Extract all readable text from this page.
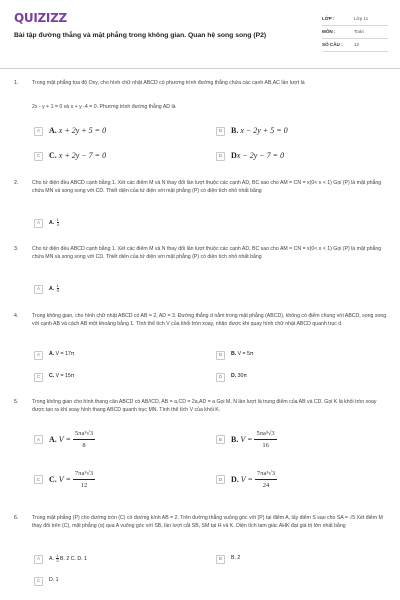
QUIZIZZ
Bài tập đường thẳng và mặt phẳng trong không gian. Quan hệ song song (P2)
LỚP :	Lớp 11
MÔN :	Toán
SỐ CÂU :	12
1.	Trong mặt phẳng tọa độ Oxy, cho hình chữ nhật ABCD có phương trình đường thẳng chứa các cạnh AB,AC lần lượt là
2x - y + 1 = 0 và x + y -4 = 0. Phương trình đường thẳng AD là
A	A. x + 2y + 5 = 0	B	B. x − 2y + 5 = 0
C	C. x + 2y − 7 = 0	D	Dx − 2y − 7 = 0
2.	Cho tứ diện đều ABCD cạnh bằng 1. Xét các điểm M và N thay đổi lần lượt thuộc các cạnh AD, BC sao cho AM = CN = x(0< x < 1) Gọi (P) là mặt phẳng chứa MN và song song với CD. Thiết diện của tứ diện với mặt phẳng (P) có diện tích nhỏ nhất bằng
A	A. $\frac{1}{4}$
3.	Cho tứ diện đều ABCD cạnh bằng 1. Xét các điểm M và N thay đổi lần lượt thuộc các cạnh AD, BC sao cho AM = CN = x(0< x < 1) Gọi (P) là mặt phẳng chứa MN và song song với CD. Thiết diện của tứ diện với mặt phẳng (P) có diện tích nhỏ nhất bằng
A	A. $\frac{1}{4}$
4.	Trong không gian, cho hình chữ nhật ABCD có AB = 2, AD = 3. Đường thẳng d nằm trong mặt phẳng (ABCD), không có điểm chung với ABCD, song song với cạnh AB và cách AB một khoảng bằng 1. Tính thể tích V của khối tròn xoay, nhận được khi quay hình chữ nhật ABCD quanh trục d.
A	A. V = 17π	B	B. V = 5π
C	C. V = 15π	D	D. 30π
5.	Trong không gian cho hình thang cân ABCD có AB//CD, AB = a,CD = 2a,AD = a Gọi M, N lần lượt là trung điểm của AB và CD. Gọi K là khối tròn xoay được tạo ra khi xoay hình thang ABCD quanh trục MN. Tính thể tích V của khối K.
A	A. $V = \frac{\text{5πa³√3}}{8}$	B	B. $V = \frac{\text{5πa³√3}}{16}$
C	C. $V = \frac{\text{7πa³√3}}{12}$	D	D. $V = \frac{\text{7πa³√3}}{24}$
6.	Trong mặt phẳng (P) cho đường tròn (C) có đường kính AB = 2. Trên đường thẳng vuông góc với (P) tại điểm A, lấy điểm S sao cho SA = √5 Xét điểm M thay đổi trên (C), mặt phẳng (α) qua A vuông góc với SB, lần lượt cắt SB, SM tại H và K. Diện tích tam giác AHK đạt giá trị lớn nhất bằng
A	A. $\frac{1}{2} B$. 2 C. D. 1	B	B. 2
C	D. 1
